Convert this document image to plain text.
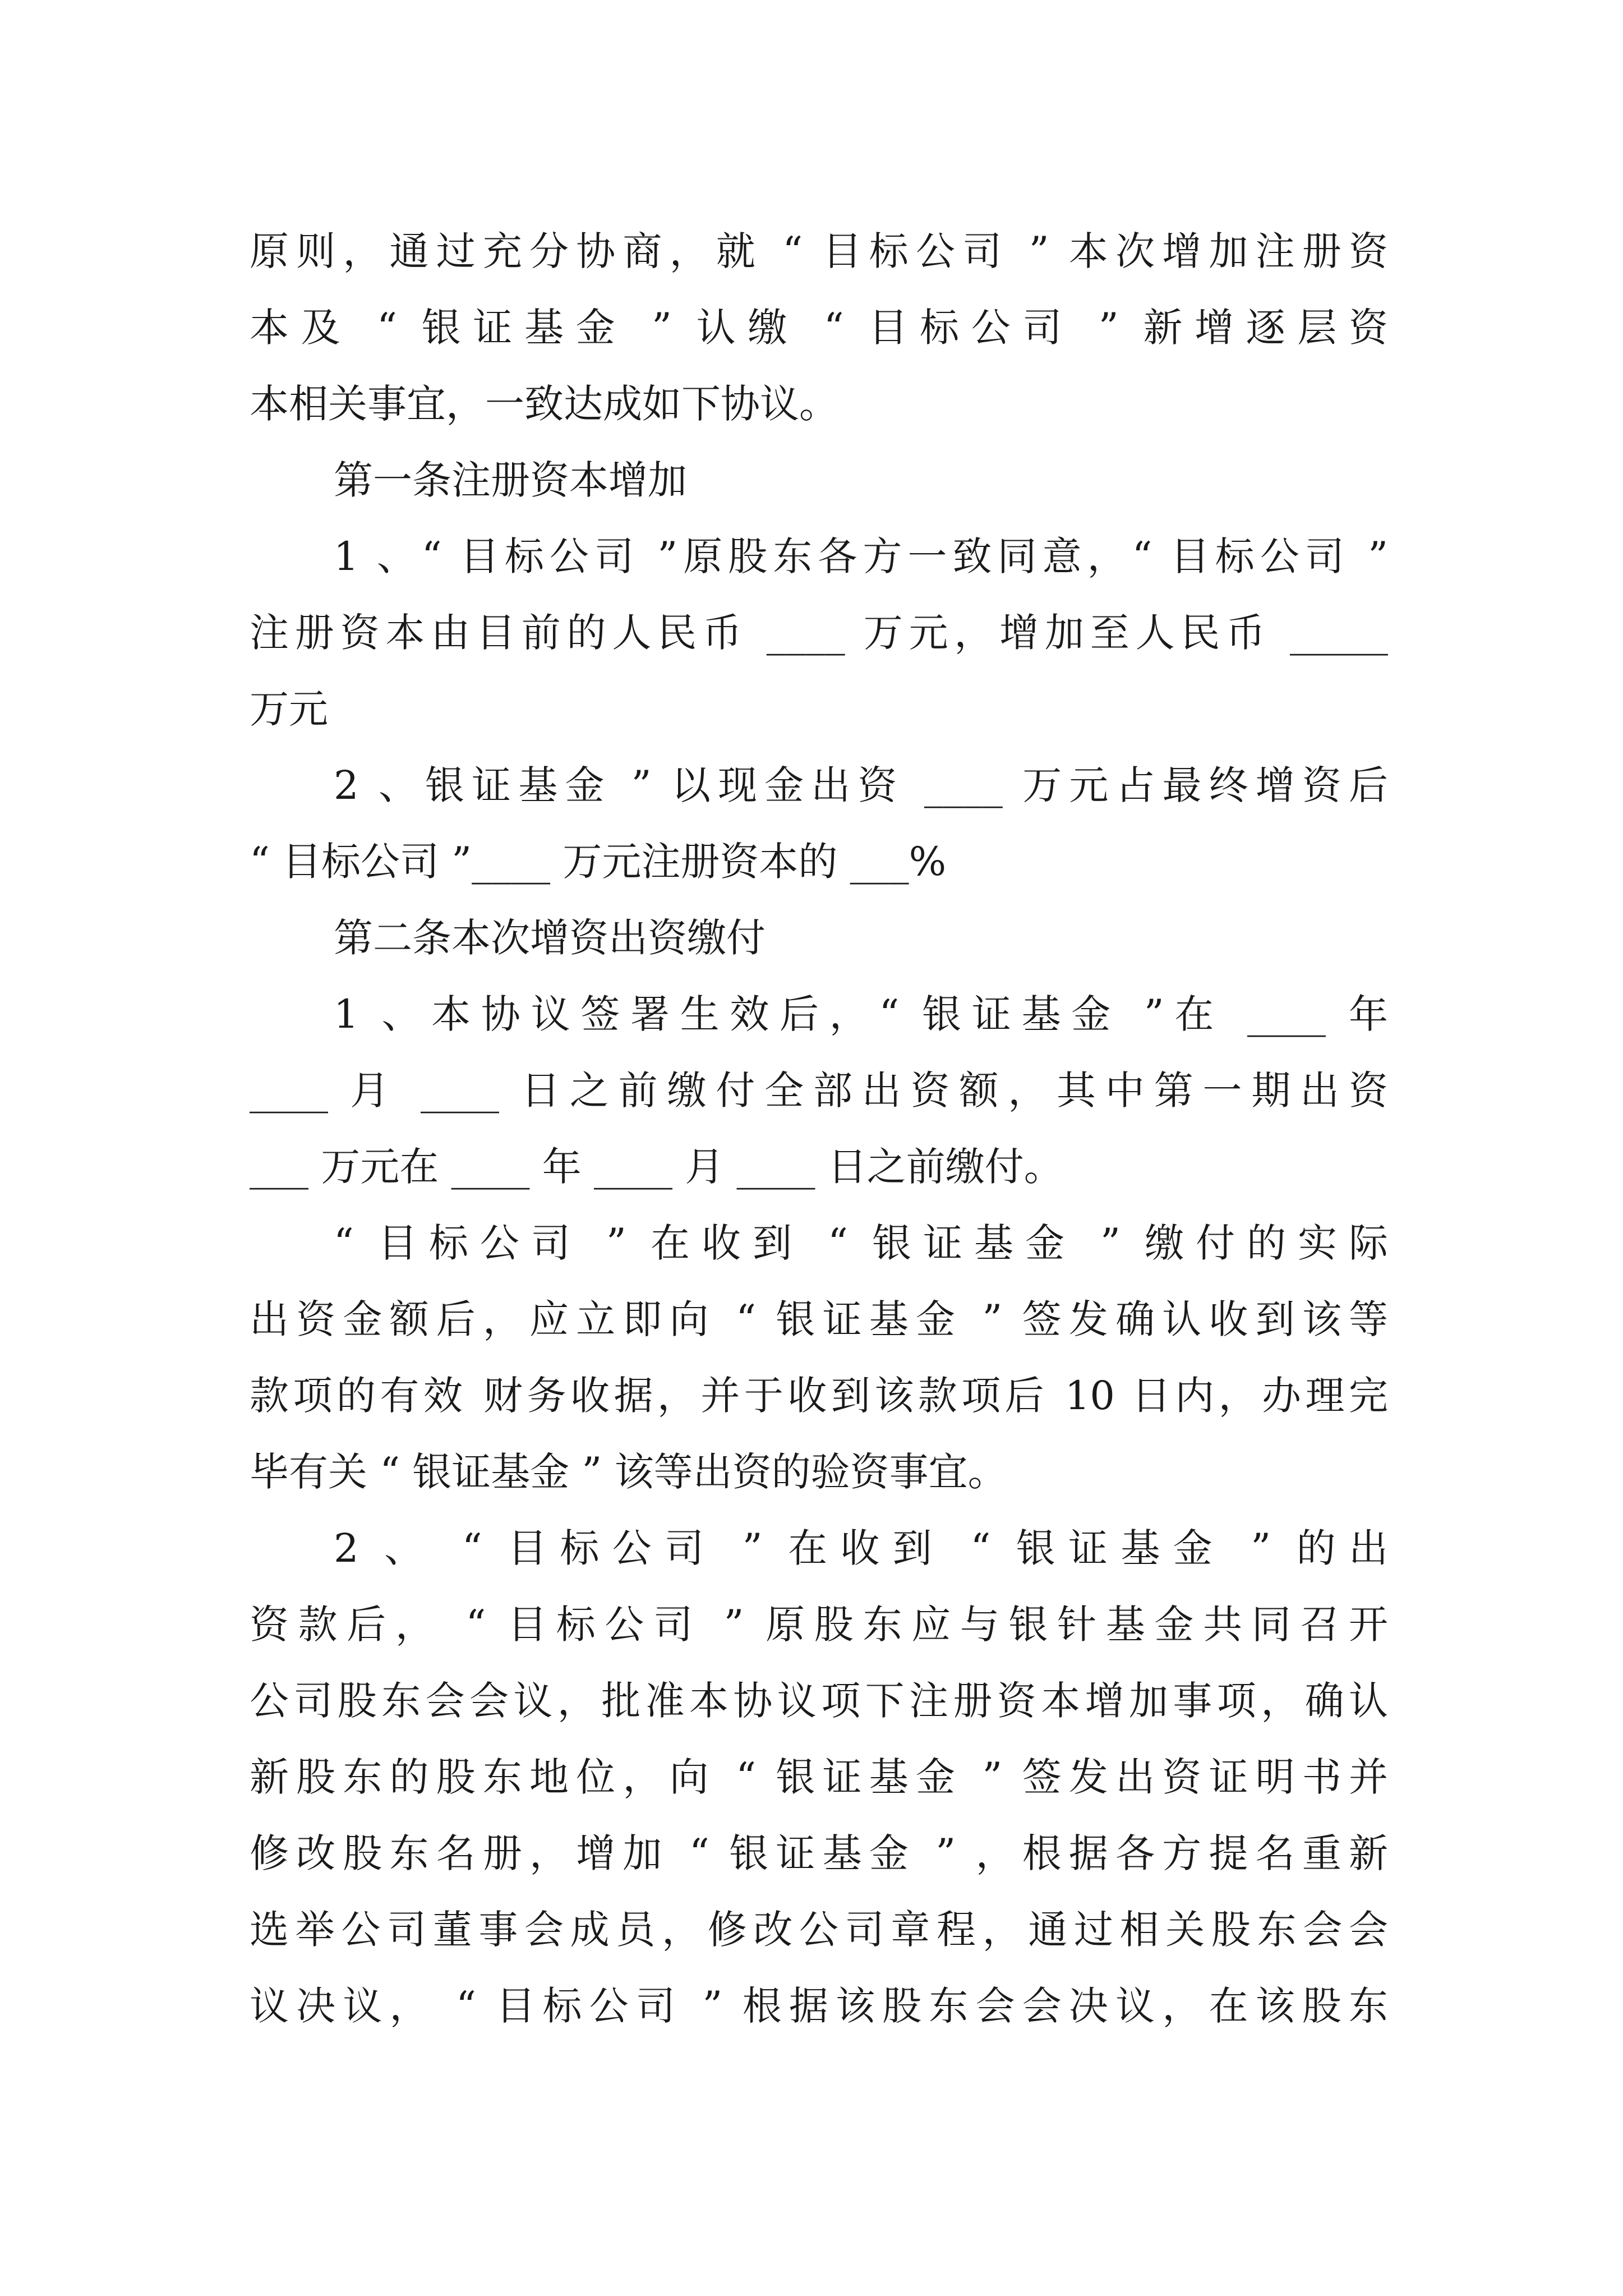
原则，通过充分协商，就 “ 目标公司 ” 本次增加注册资
本及 “ 银证基金 ” 认缴 “ 目标公司 ” 新增逐层资
本相关事宜，一致达成如下协议。
第一条注册资本增加
1 、“ 目标公司 ”原股东各方一致同意，“ 目标公司 ”
注册资本由目前的人民币 ____ 万元，增加至人民币 _____
万元
2 、银证基金 ” 以现金出资 ____ 万元占最终增资后
“ 目标公司 ”____ 万元注册资本的 ___%
第二条本次增资出资缴付
1 、本协议签署生效后，“ 银证基金 ”在 ____ 年
____ 月 ____ 日之前缴付全部出资额，其中第一期出资
___ 万元在 ____ 年 ____ 月 ____ 日之前缴付。
“ 目标公司 ” 在收到 “ 银证基金 ” 缴付的实际
出资金额后，应立即向 “ 银证基金 ” 签发确认收到该等
款项的有效 财务收据，并于收到该款项后 10 日内，办理完
毕有关 “ 银证基金 ” 该等出资的验资事宜。
2 、 “ 目标公司 ” 在收到 “ 银证基金 ” 的出
资款后， “ 目标公司 ” 原股东应与银针基金共同召开
公司股东会会议，批准本协议项下注册资本增加事项，确认
新股东的股东地位，向 “ 银证基金 ” 签发出资证明书并
修改股东名册，增加 “ 银证基金 ” ，根据各方提名重新
选举公司董事会成员，修改公司章程，通过相关股东会会
议决议， “ 目标公司 ” 根据该股东会会决议，在该股东
